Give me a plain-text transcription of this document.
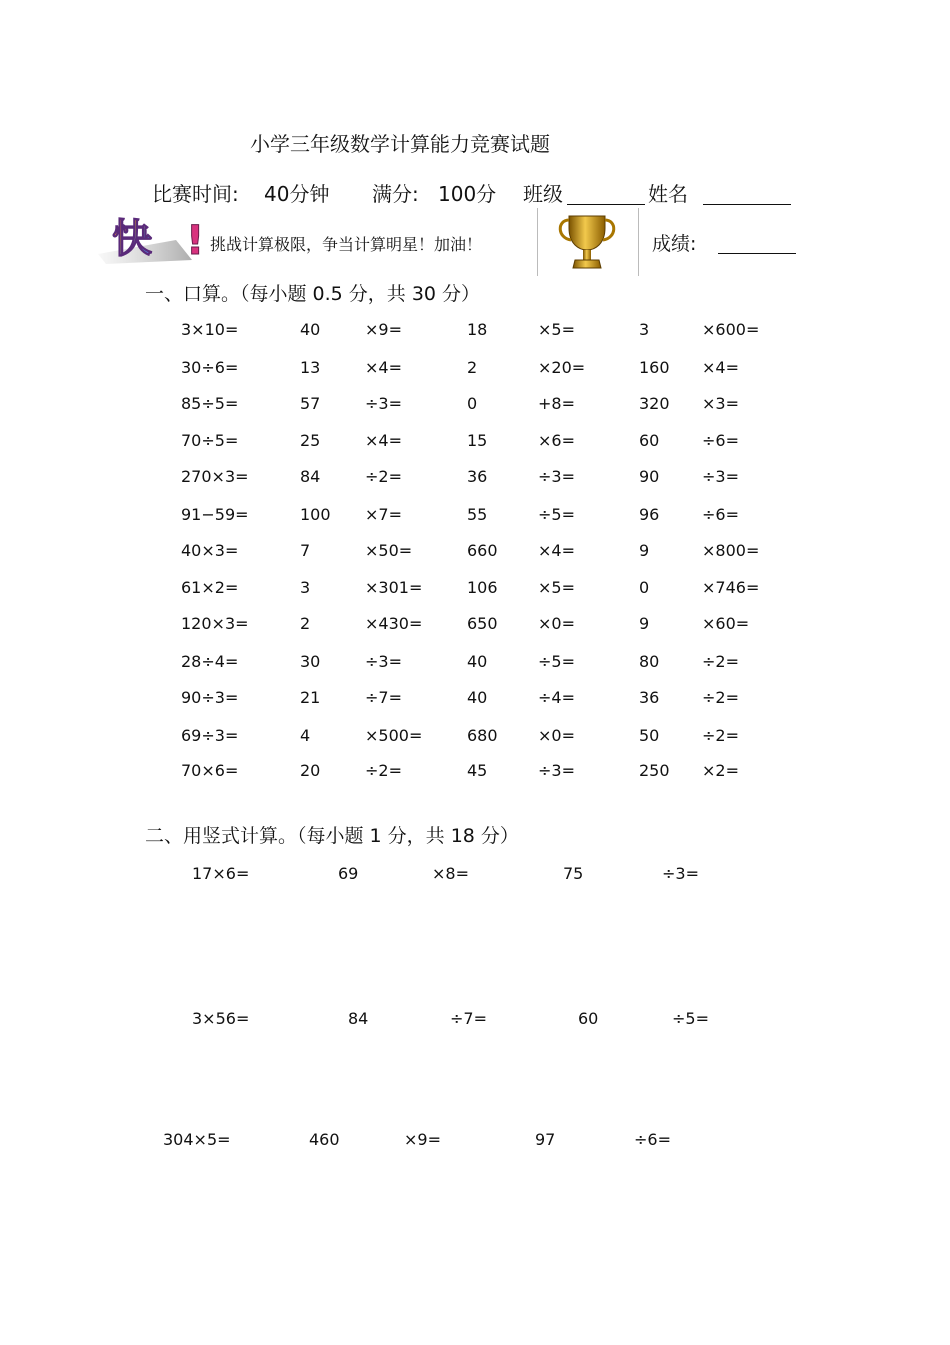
小学三年级数学计算能力竞赛试题
比赛时间: 40分钟 满分: 100分 班级	姓名
快 ! 挑战计算极限，争当计算明星！加油！	成绩:
一、口算。（每小题 0.5 分，共 30 分）
3×10=	40	×9=	18	×5=	3	×600=
30÷6=	13	×4=	2	×20=	160 ×4=
85÷5=	57	÷3=	0	+8=	320 ×3=
70÷5=	25	×4=	15	×6=	60	÷6=
270×3=	84	÷2=	36	÷3=	90	÷3=
91−59=	100 ×7=	55	÷5=	96	÷6=
40×3=	7	×50=	660	×4=	9	×800=
61×2=	3	×301=	106	×5=	0	×746=
120×3=	2	×430=	650	×0=	9	×60=
28÷4=	30	÷3=	40	÷5=	80	÷2=
90÷3=	21	÷7=	40	÷4=	36	÷2=
69÷3=	4	×500=	680	×0=	50	÷2=
70×6=	20	÷2=	45	÷3=	250 ×2=
二、用竖式计算。（每小题 1 分，共 18 分）
17×6=	69	×8=	75	÷3=
3×56=	84	÷7=	60	÷5=
304×5=	460	×9=	97	÷6=
